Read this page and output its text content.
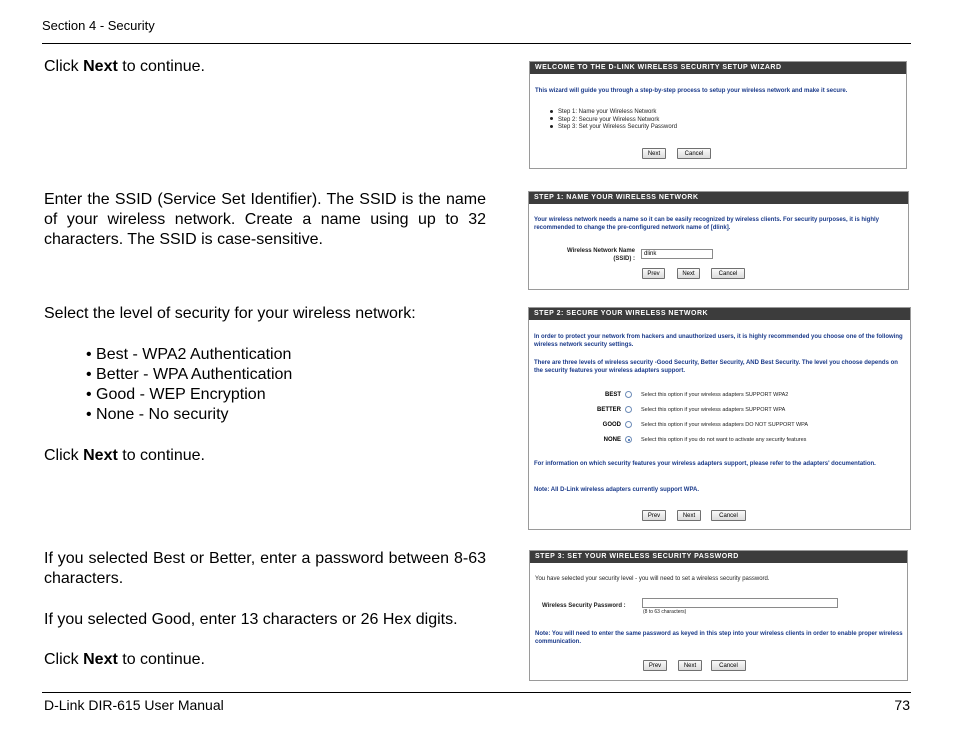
Section 4 - Security
D-Link DIR-615 User Manual	73
Click Next to continue.
Enter the SSID (Service Set Identifier). The SSID is the name of your wireless network. Create a name using up to 32 characters. The SSID is case-sensitive.
Select the level of security for your wireless network:
• Best - WPA2 Authentication
• Better - WPA Authentication
• Good - WEP Encryption
• None - No security
Click Next to continue.
If you selected Best or Better, enter a password between 8-63 characters.
If you selected Good, enter 13 characters or 26 Hex digits.
Click Next to continue.
WELCOME TO THE D-LINK WIRELESS SECURITY SETUP WIZARD
This wizard will guide you through a step-by-step process to setup your wireless network and make it secure.
Step 1: Name your Wireless Network
Step 2: Secure your Wireless Network
Step 3: Set your Wireless Security Password
Next	Cancel
STEP 1: NAME YOUR WIRELESS NETWORK
Your wireless network needs a name so it can be easily recognized by wireless clients. For security purposes, it is highly recommended to change the pre-configured network name of [dlink].
Wireless Network Name
(SSID) :
dlink
Prev	Next	Cancel
STEP 2: SECURE YOUR WIRELESS NETWORK
In order to protect your network from hackers and unauthorized users, it is highly recommended you choose one of the following wireless network security settings.
There are three levels of wireless security -Good Security, Better Security, AND Best Security. The level you choose depends on the security features your wireless adapters support.
BEST	Select this option if your wireless adapters SUPPORT WPA2
BETTER	Select this option if your wireless adapters SUPPORT WPA
GOOD	Select this option if your wireless adapters DO NOT SUPPORT WPA
NONE	Select this option if you do not want to activate any security features
For information on which security features your wireless adapters support, please refer to the adapters' documentation.
Note: All D-Link wireless adapters currently support WPA.
Prev	Next	Cancel
STEP 3: SET YOUR WIRELESS SECURITY PASSWORD
You have selected your security level - you will need to set a wireless security password.
Wireless Security Password :
(8 to 63 characters)
Note: You will need to enter the same password as keyed in this step into your wireless clients in order to enable proper wireless communication.
Prev	Next	Cancel
